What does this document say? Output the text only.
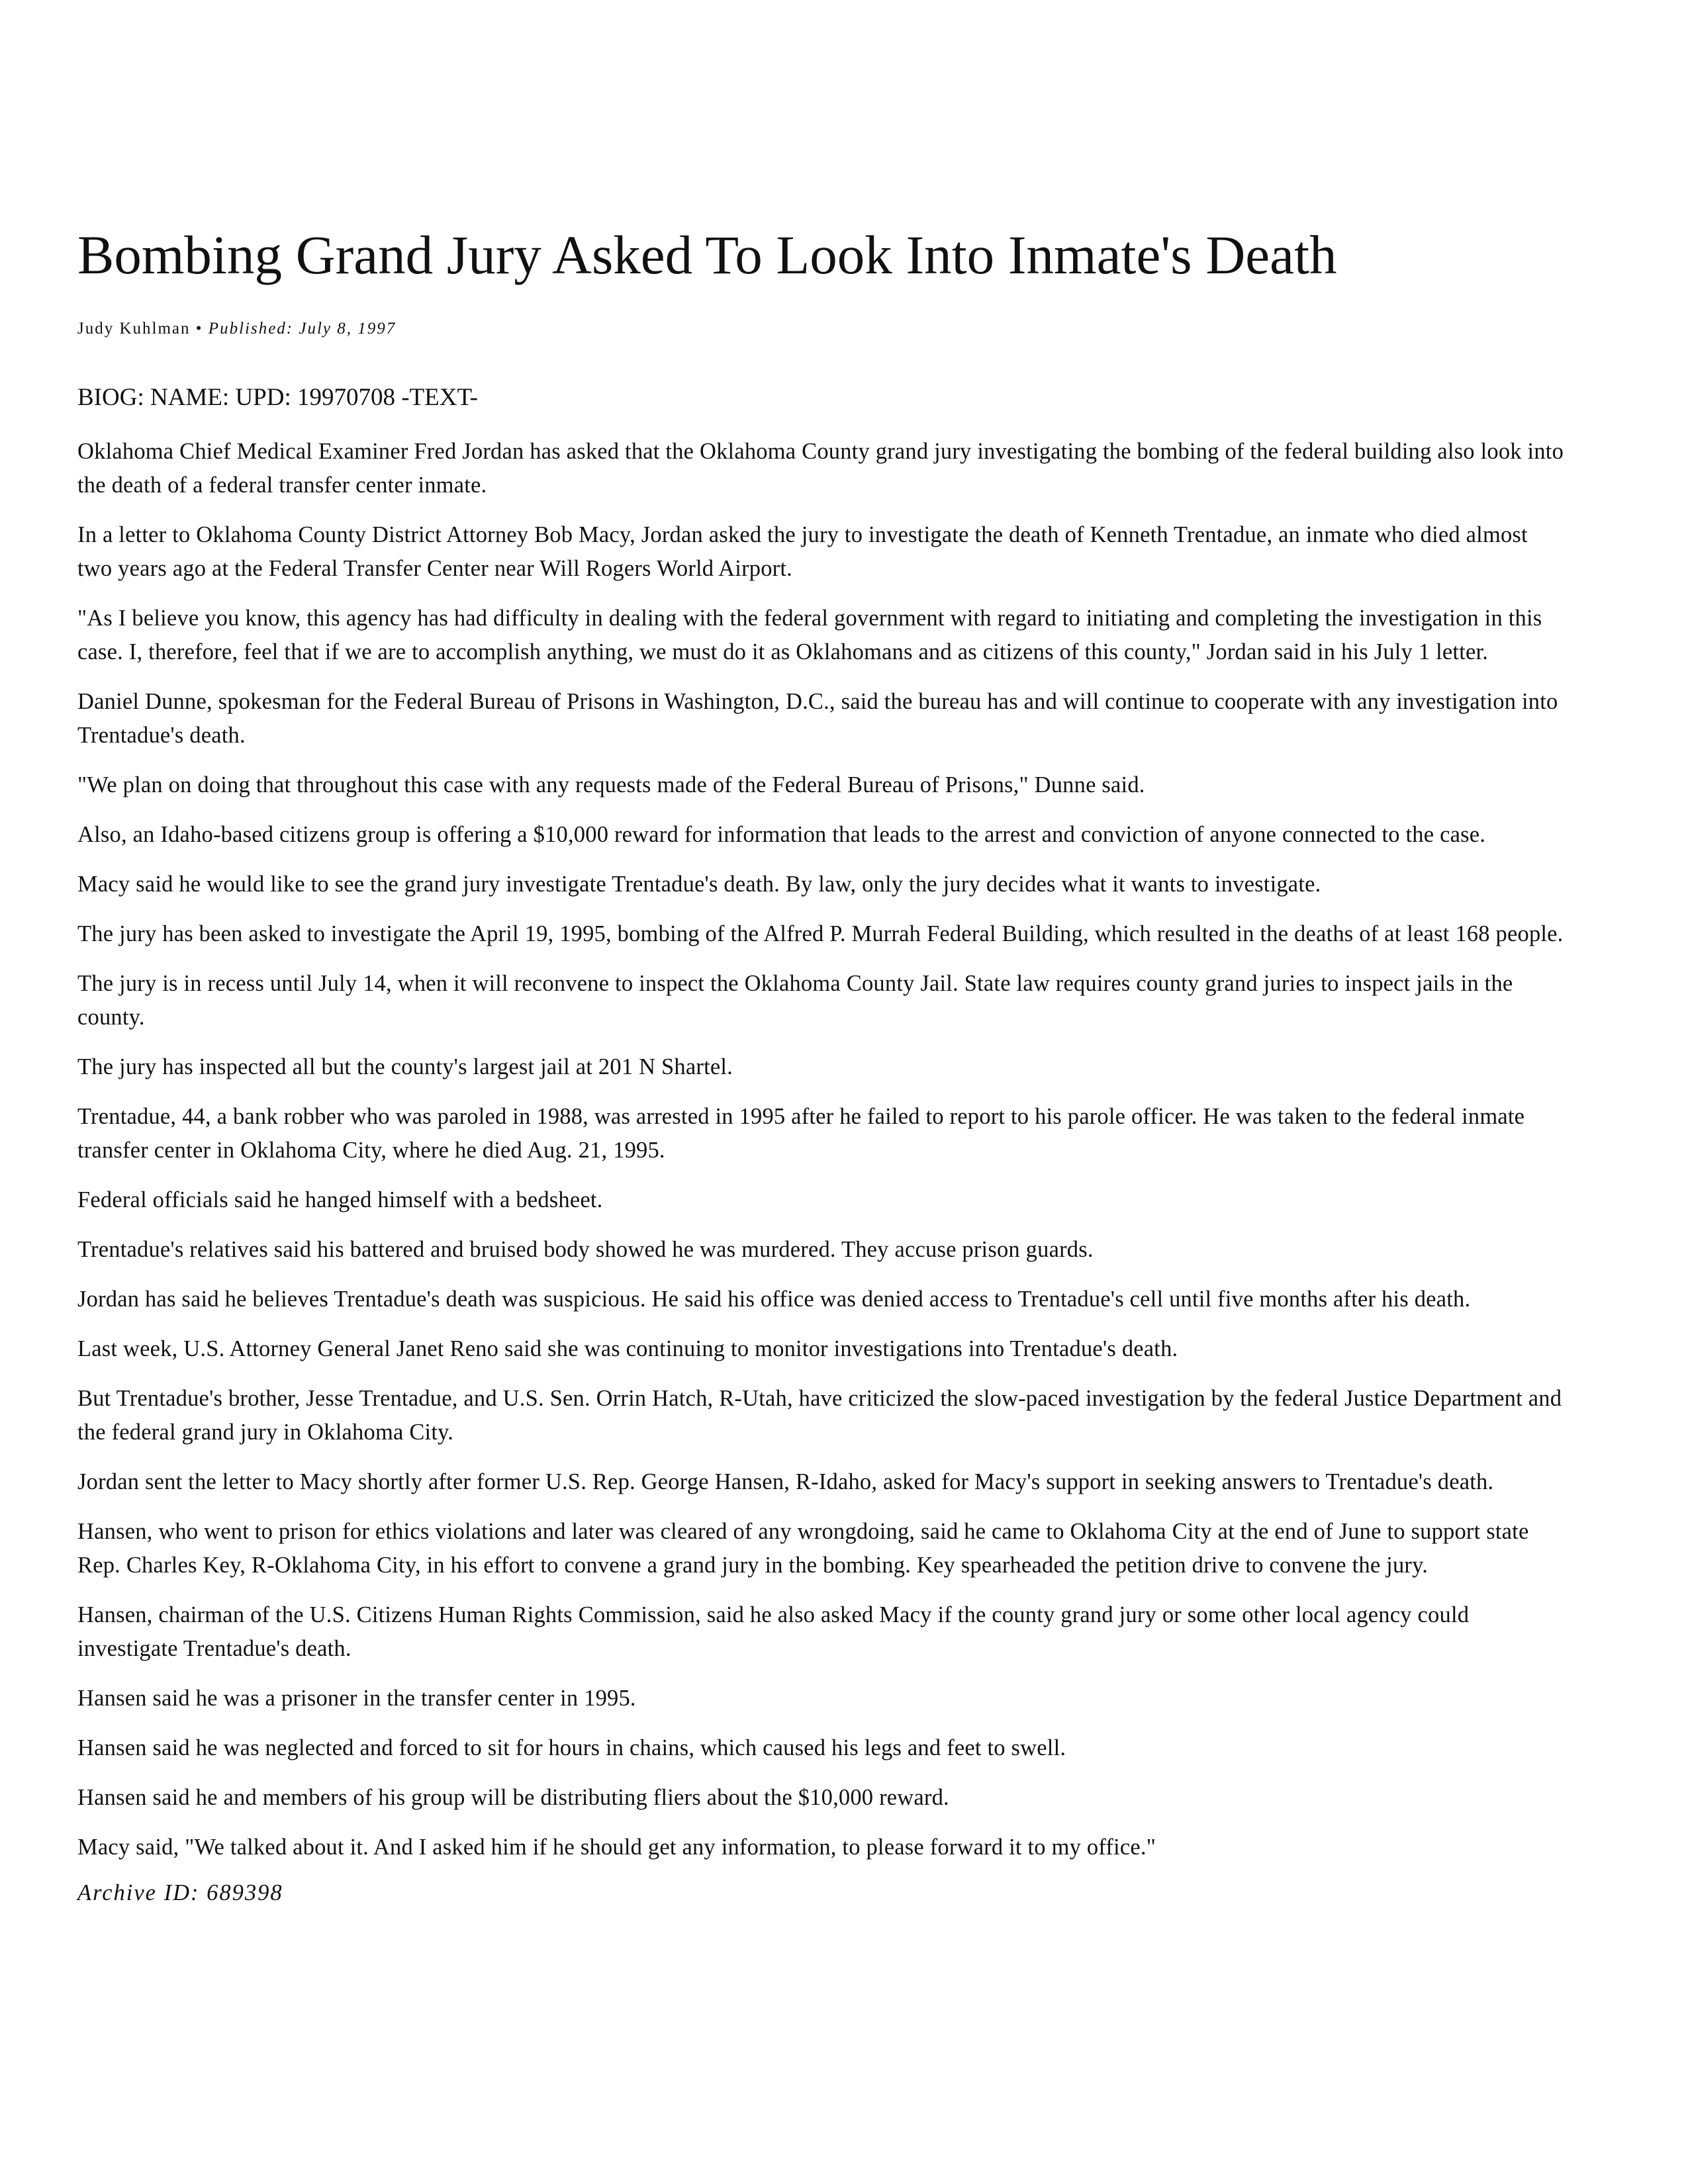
Bombing Grand Jury Asked To Look Into Inmate's Death
Judy Kuhlman • Published: July 8, 1997
BIOG: NAME: UPD: 19970708 -TEXT-

Oklahoma Chief Medical Examiner Fred Jordan has asked that the Oklahoma County grand jury investigating the bombing of the federal building also look into the death of a federal transfer center inmate.

In a letter to Oklahoma County District Attorney Bob Macy, Jordan asked the jury to investigate the death of Kenneth Trentadue, an inmate who died almost two years ago at the Federal Transfer Center near Will Rogers World Airport.

"As I believe you know, this agency has had difficulty in dealing with the federal government with regard to initiating and completing the investigation in this case. I, therefore, feel that if we are to accomplish anything, we must do it as Oklahomans and as citizens of this county," Jordan said in his July 1 letter.

Daniel Dunne, spokesman for the Federal Bureau of Prisons in Washington, D.C., said the bureau has and will continue to cooperate with any investigation into Trentadue's death.

"We plan on doing that throughout this case with any requests made of the Federal Bureau of Prisons," Dunne said.

Also, an Idaho-based citizens group is offering a $10,000 reward for information that leads to the arrest and conviction of anyone connected to the case.

Macy said he would like to see the grand jury investigate Trentadue's death. By law, only the jury decides what it wants to investigate.

The jury has been asked to investigate the April 19, 1995, bombing of the Alfred P. Murrah Federal Building, which resulted in the deaths of at least 168 people.

The jury is in recess until July 14, when it will reconvene to inspect the Oklahoma County Jail. State law requires county grand juries to inspect jails in the county.

The jury has inspected all but the county's largest jail at 201 N Shartel.

Trentadue, 44, a bank robber who was paroled in 1988, was arrested in 1995 after he failed to report to his parole officer. He was taken to the federal inmate transfer center in Oklahoma City, where he died Aug. 21, 1995.

Federal officials said he hanged himself with a bedsheet.

Trentadue's relatives said his battered and bruised body showed he was murdered. They accuse prison guards.

Jordan has said he believes Trentadue's death was suspicious. He said his office was denied access to Trentadue's cell until five months after his death.

Last week, U.S. Attorney General Janet Reno said she was continuing to monitor investigations into Trentadue's death.

But Trentadue's brother, Jesse Trentadue, and U.S. Sen. Orrin Hatch, R-Utah, have criticized the slow-paced investigation by the federal Justice Department and the federal grand jury in Oklahoma City.

Jordan sent the letter to Macy shortly after former U.S. Rep. George Hansen, R-Idaho, asked for Macy's support in seeking answers to Trentadue's death.

Hansen, who went to prison for ethics violations and later was cleared of any wrongdoing, said he came to Oklahoma City at the end of June to support state Rep. Charles Key, R-Oklahoma City, in his effort to convene a grand jury in the bombing. Key spearheaded the petition drive to convene the jury.

Hansen, chairman of the U.S. Citizens Human Rights Commission, said he also asked Macy if the county grand jury or some other local agency could investigate Trentadue's death.

Hansen said he was a prisoner in the transfer center in 1995.

Hansen said he was neglected and forced to sit for hours in chains, which caused his legs and feet to swell.

Hansen said he and members of his group will be distributing fliers about the $10,000 reward.

Macy said, "We talked about it. And I asked him if he should get any information, to please forward it to my office."

Archive ID: 689398
